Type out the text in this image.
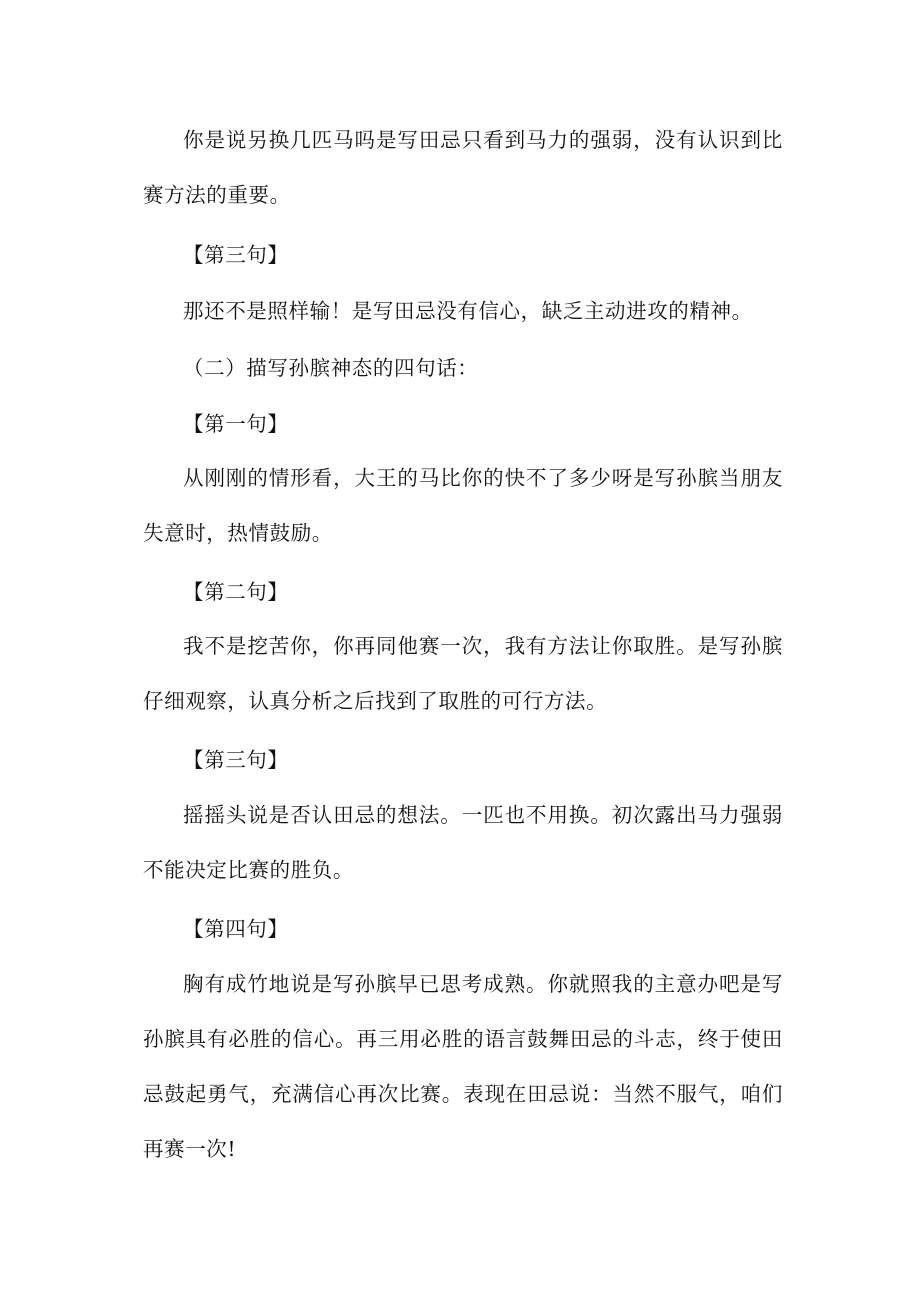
你是说另换几匹马吗是写田忌只看到马力的强弱，没有认识到比赛方法的重要。

【第三句】

那还不是照样输！是写田忌没有信心，缺乏主动进攻的精神。

（二）描写孙膑神态的四句话：

【第一句】

从刚刚的情形看，大王的马比你的快不了多少呀是写孙膑当朋友失意时，热情鼓励。

【第二句】

我不是挖苦你，你再同他赛一次，我有方法让你取胜。是写孙膑仔细观察，认真分析之后找到了取胜的可行方法。

【第三句】

摇摇头说是否认田忌的想法。一匹也不用换。初次露出马力强弱不能决定比赛的胜负。

【第四句】

胸有成竹地说是写孙膑早已思考成熟。你就照我的主意办吧是写孙膑具有必胜的信心。再三用必胜的语言鼓舞田忌的斗志，终于使田忌鼓起勇气，充满信心再次比赛。表现在田忌说：当然不服气，咱们再赛一次!
